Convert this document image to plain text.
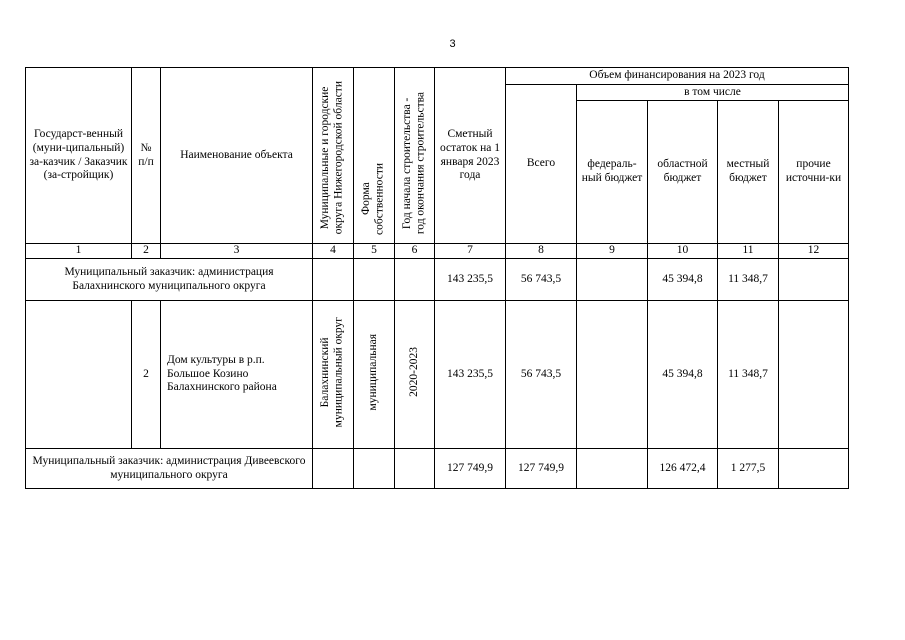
3
Государст-венный (муни-ципальный) за-казчик / Заказчик (за-стройщик)	№ п/п	Наименование объекта	Муниципальные и городские округа Нижегородской области	Форма собственности	Год начала строительства - год окончания строительства	Сметный остаток на 1 января 2023 года	Объем финансирования на 2023 год				
							Всего	в том числе			
								федераль-ный бюджет	областной бюджет	местный бюджет	прочие источни-ки
1	2	3	4	5	6	7	8	9	10	11	12
Муниципальный заказчик: администрация Балахнинского муниципального округа						143 235,5	56 743,5		45 394,8	11 348,7	
	2	Дом культуры в р.п. Большое Козино Балахнинского района	Балахнинский муниципальный округ	муниципальная	2020-2023	143 235,5	56 743,5		45 394,8	11 348,7	
Муниципальный заказчик: администрация Дивеевского муниципального округа						127 749,9	127 749,9		126 472,4	1 277,5	
